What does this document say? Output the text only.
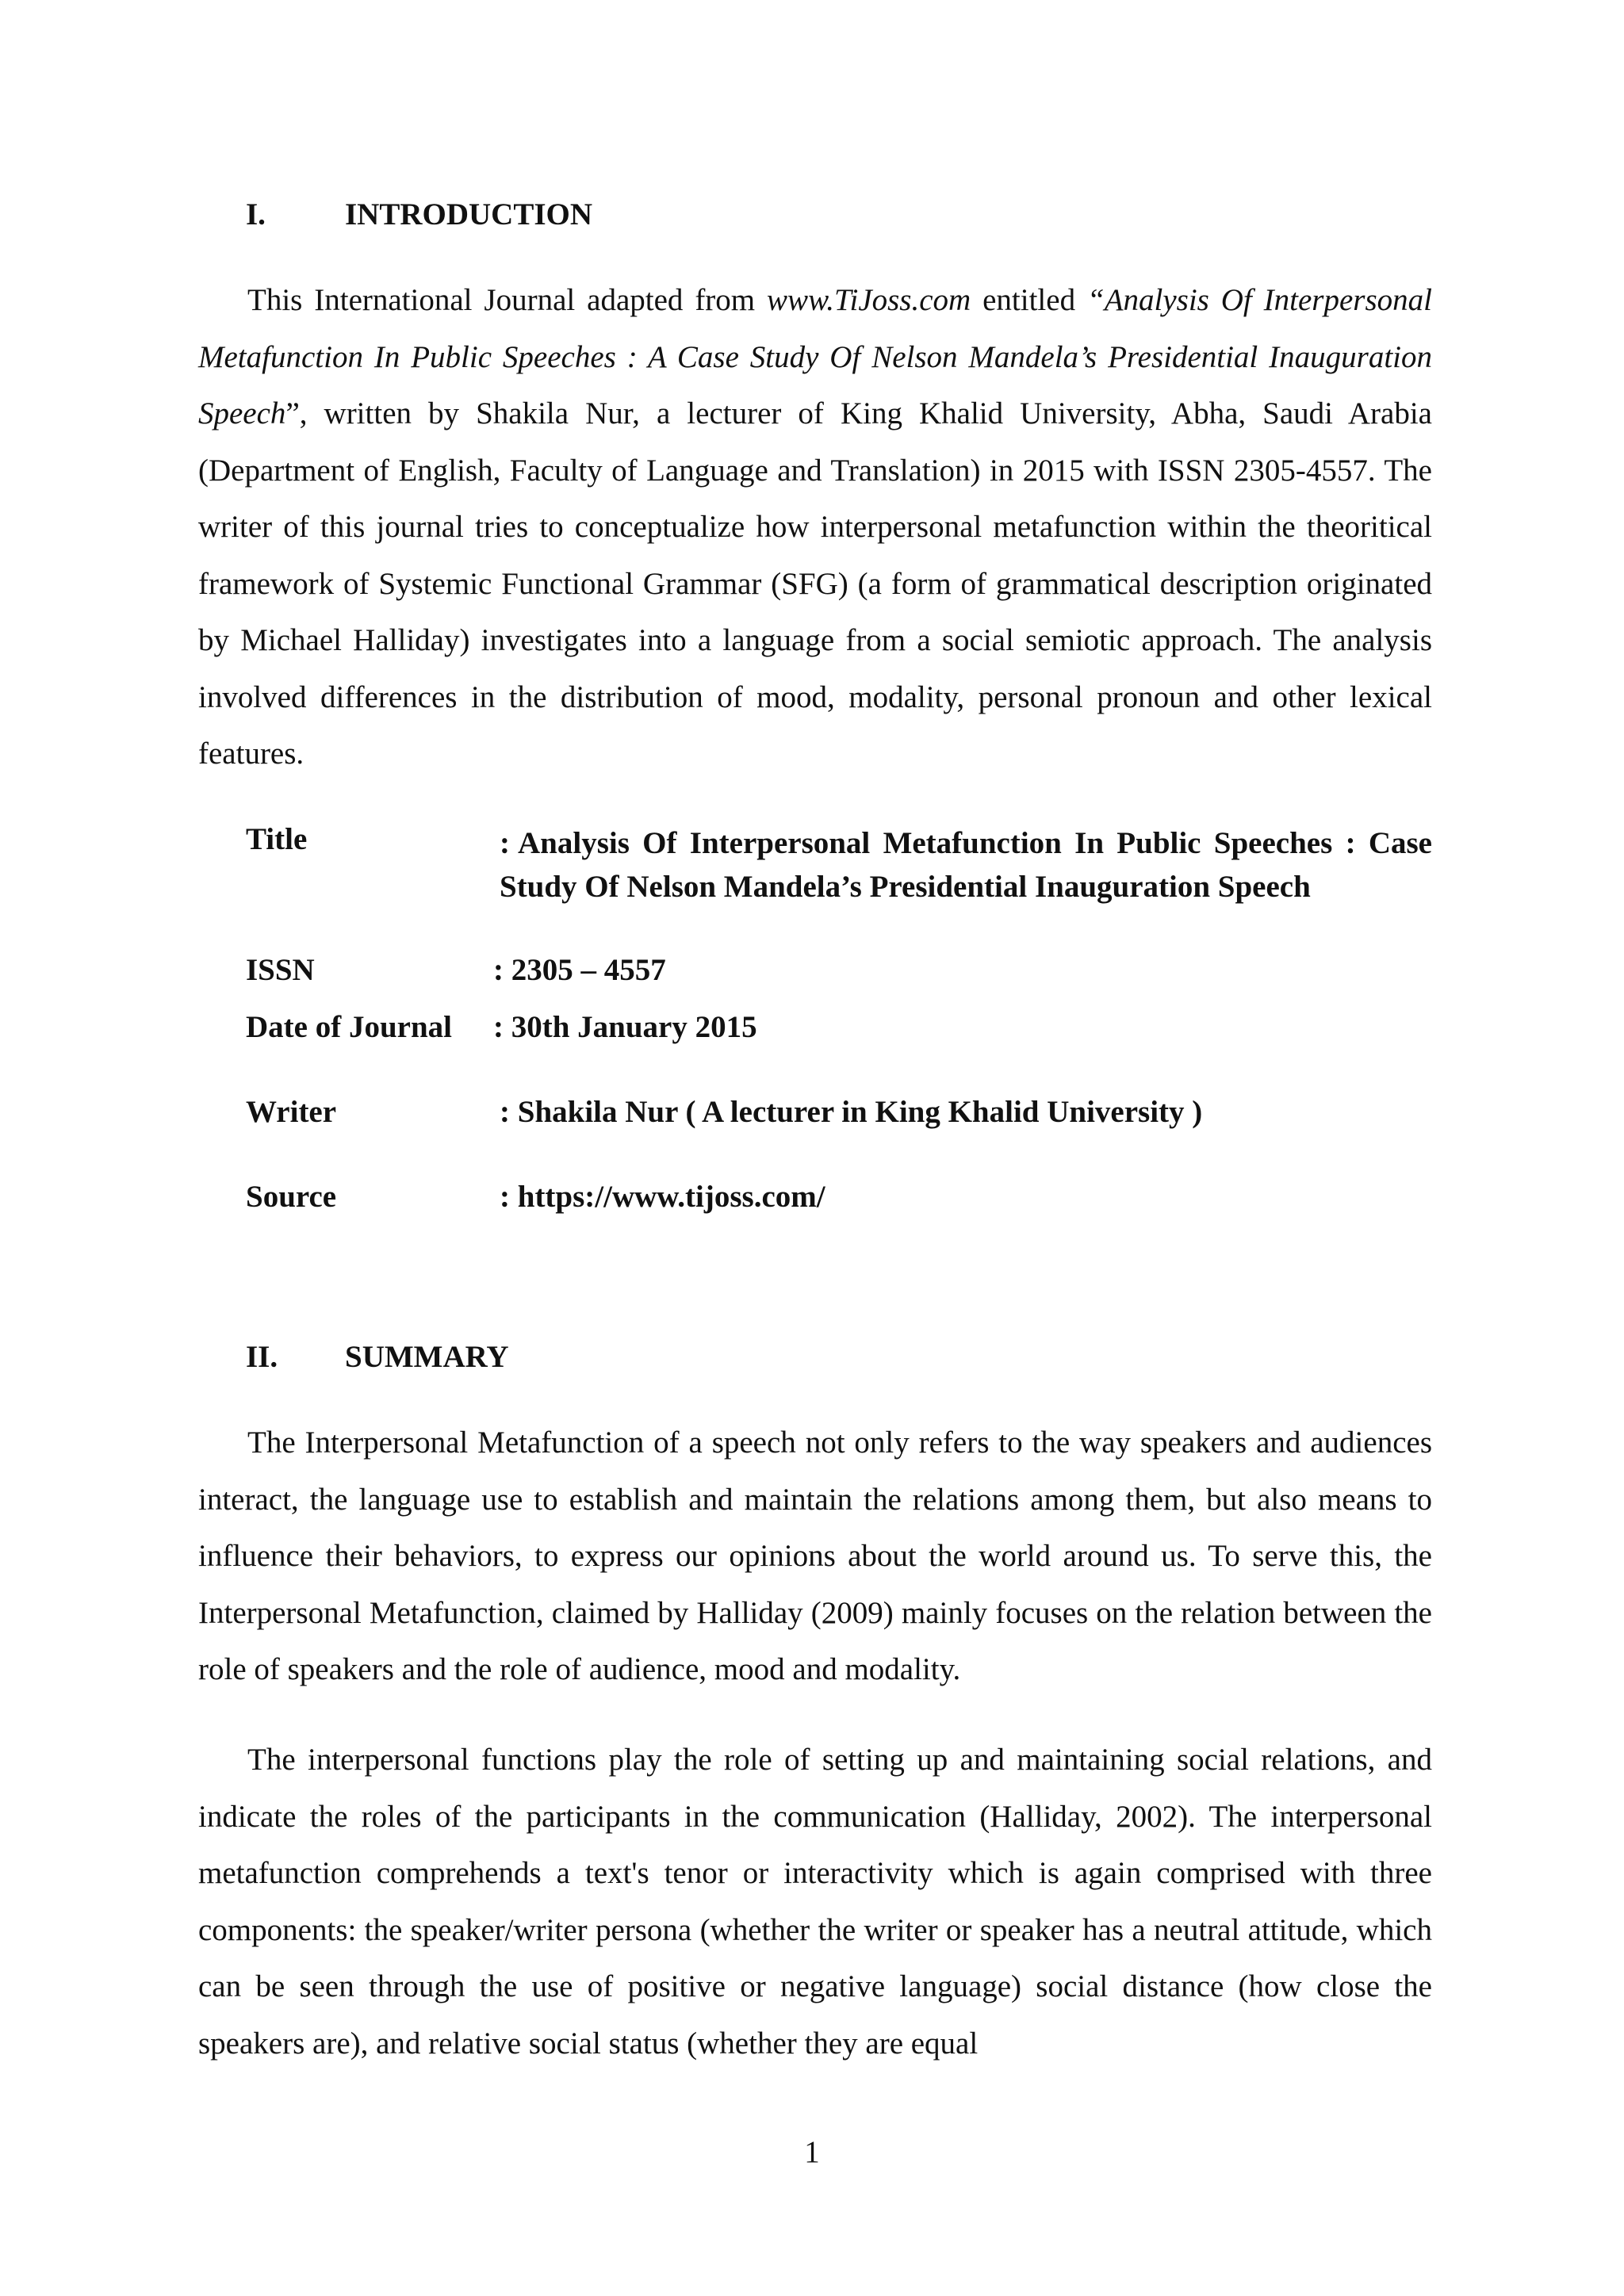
I.	INTRODUCTION

This International Journal adapted from www.TiJoss.com entitled “Analysis Of Interpersonal Metafunction In Public Speeches : A Case Study Of Nelson Mandela’s Presidential Inauguration Speech”, written by Shakila Nur, a lecturer of King Khalid University, Abha, Saudi Arabia (Department of English, Faculty of Language and Translation) in 2015 with ISSN 2305-4557. The writer of this journal tries to conceptualize how interpersonal metafunction within the theoritical framework of Systemic Functional Grammar (SFG) (a form of grammatical description originated by Michael Halliday) investigates into a language from a social semiotic approach. The analysis involved differences in the distribution of mood, modality, personal pronoun and other lexical features.

Title	: Analysis Of Interpersonal Metafunction In Public Speeches : Case Study Of Nelson Mandela’s Presidential Inauguration Speech
ISSN	: 2305 – 4557
Date of Journal : 30th January 2015
Writer	: Shakila Nur ( A lecturer in King Khalid University )
Source	: https://www.tijoss.com/
II. SUMMARY

The Interpersonal Metafunction of a speech not only refers to the way speakers and audiences interact, the language use to establish and maintain the relations among them, but also means to influence their behaviors, to express our opinions about the world around us. To serve this, the Interpersonal Metafunction, claimed by Halliday (2009) mainly focuses on the relation between the role of speakers and the role of audience, mood and modality.

The interpersonal functions play the role of setting up and maintaining social relations, and indicate the roles of the participants in the communication (Halliday, 2002). The interpersonal metafunction comprehends a text's tenor or interactivity which is again comprised with three components: the speaker/writer persona (whether the writer or speaker has a neutral attitude, which can be seen through the use of positive or negative language) social distance (how close the speakers are), and relative social status (whether they are equal

1
